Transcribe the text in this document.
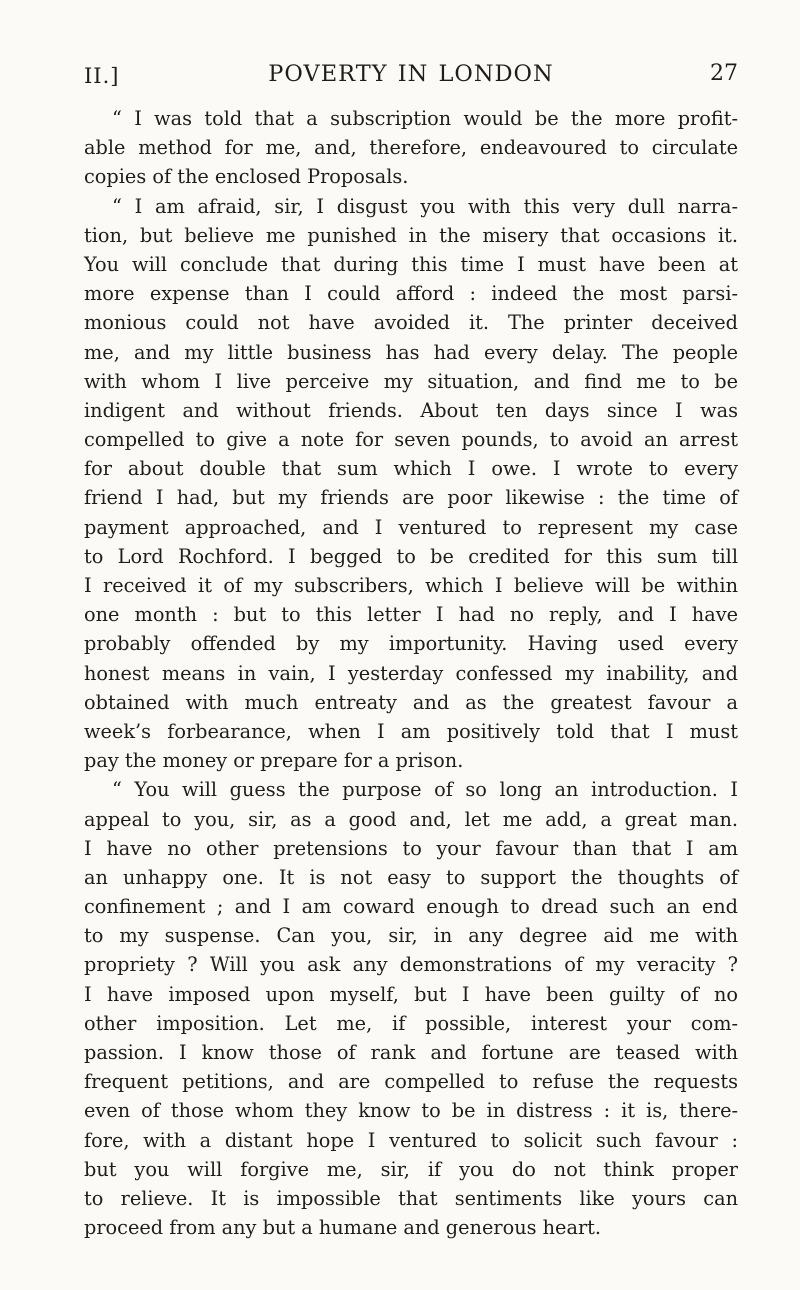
II.]	POVERTY IN LONDON	27
“ I was told that a subscription would be the more profit-
able method for me, and, therefore, endeavoured to circulate
copies of the enclosed Proposals.
“ I am afraid, sir, I disgust you with this very dull narra-
tion, but believe me punished in the misery that occasions it.
You will conclude that during this time I must have been at
more expense than I could afford : indeed the most parsi-
monious could not have avoided it. The printer deceived
me, and my little business has had every delay. The people
with whom I live perceive my situation, and find me to be
indigent and without friends. About ten days since I was
compelled to give a note for seven pounds, to avoid an arrest
for about double that sum which I owe. I wrote to every
friend I had, but my friends are poor likewise : the time of
payment approached, and I ventured to represent my case
to Lord Rochford. I begged to be credited for this sum till
I received it of my subscribers, which I believe will be within
one month : but to this letter I had no reply, and I have
probably offended by my importunity. Having used every
honest means in vain, I yesterday confessed my inability, and
obtained with much entreaty and as the greatest favour a
week’s forbearance, when I am positively told that I must
pay the money or prepare for a prison.
“ You will guess the purpose of so long an introduction. I
appeal to you, sir, as a good and, let me add, a great man.
I have no other pretensions to your favour than that I am
an unhappy one. It is not easy to support the thoughts of
confinement ; and I am coward enough to dread such an end
to my suspense. Can you, sir, in any degree aid me with
propriety ? Will you ask any demonstrations of my veracity ?
I have imposed upon myself, but I have been guilty of no
other imposition. Let me, if possible, interest your com-
passion. I know those of rank and fortune are teased with
frequent petitions, and are compelled to refuse the requests
even of those whom they know to be in distress : it is, there-
fore, with a distant hope I ventured to solicit such favour :
but you will forgive me, sir, if you do not think proper
to relieve. It is impossible that sentiments like yours can
proceed from any but a humane and generous heart.
